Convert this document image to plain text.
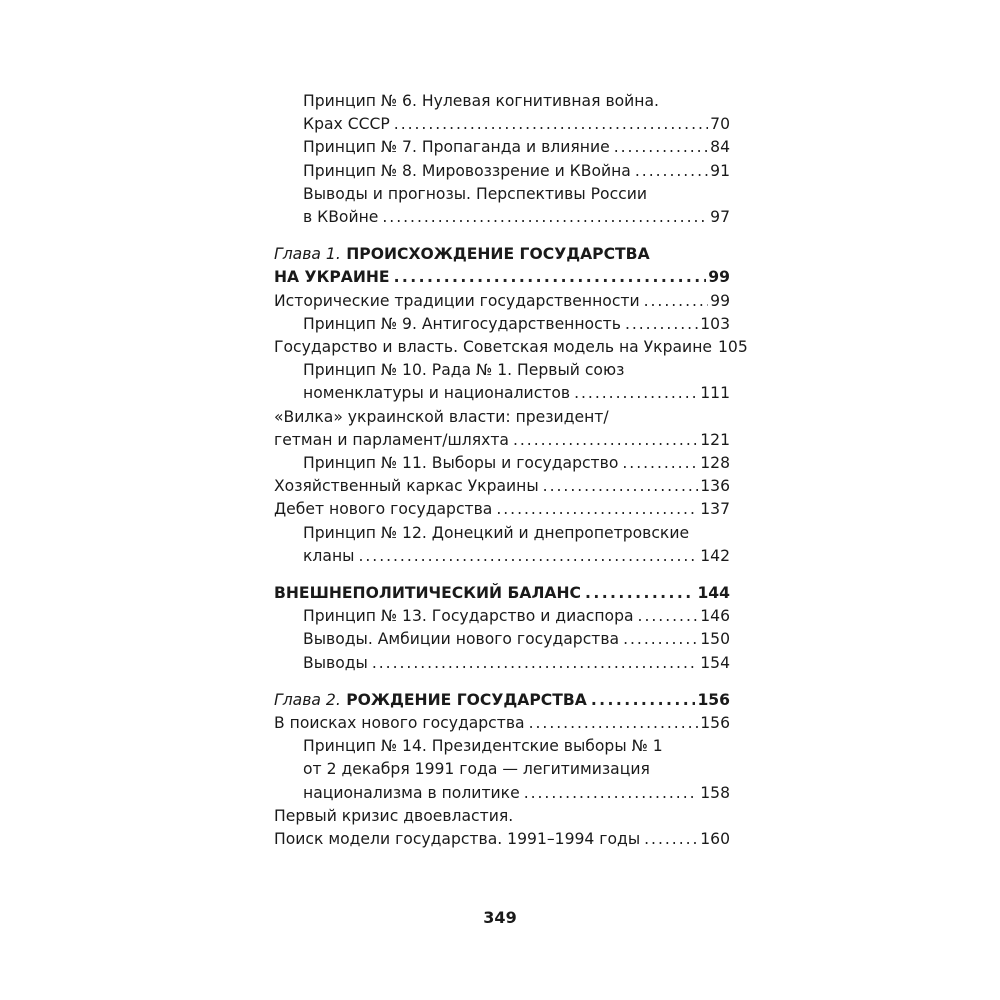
Принцип № 6. Нулевая когнитивная война.
Крах СССР . . .	70
Принцип № 7. Пропаганда и влияние . . .	84
Принцип № 8. Мировоззрение и КВойна . . .	91
Выводы и прогнозы. Перспективы России
в КВойне . . .	97
Глава 1. ПРОИСХОЖДЕНИЕ ГОСУДАРСТВА
НА УКРАИНЕ . . .	99
Исторические традиции государственности . . .	99
Принцип № 9. Антигосударственность . . .	103
Государство и власть. Советская модель на Украине 105
Принцип № 10. Рада № 1. Первый союз
номенклатуры и националистов . . .	111
«Вилка» украинской власти: президент/
гетман и парламент/шляхта . . .	121
Принцип № 11. Выборы и государство . . .	128
Хозяйственный каркас Украины . . .	136
Дебет нового государства . . .	137
Принцип № 12. Донецкий и днепропетровские
кланы . . .	142
ВНЕШНЕПОЛИТИЧЕСКИЙ БАЛАНС . . .	144
Принцип № 13. Государство и диаспора . . .	146
Выводы. Амбиции нового государства . . .	150
Выводы . . .	154
Глава 2. РОЖДЕНИЕ ГОСУДАРСТВА . . .	156
В поисках нового государства . . .	156
Принцип № 14. Президентские выборы № 1
от 2 декабря 1991 года — легитимизация
национализма в политике . . .	158
Первый кризис двоевластия.
Поиск модели государства. 1991–1994 годы . . .	160
349
